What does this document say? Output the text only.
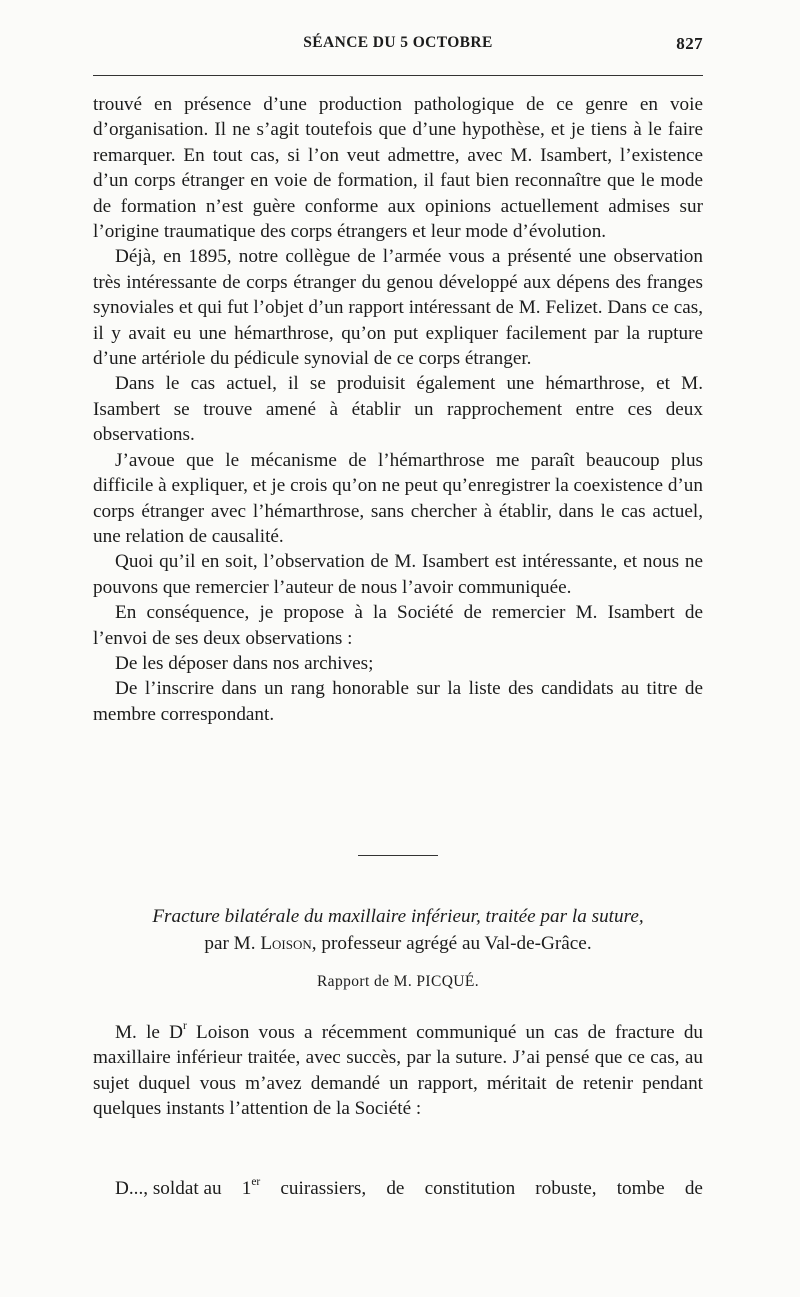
SÉANCE DU 5 OCTOBRE	827

trouvé en présence d’une production pathologique de ce genre en voie d’organisation. Il ne s’agit toutefois que d’une hypothèse, et je tiens à le faire remarquer. En tout cas, si l’on veut admettre, avec M. Isambert, l’existence d’un corps étranger en voie de formation, il faut bien reconnaître que le mode de formation n’est guère conforme aux opinions actuellement admises sur l’origine traumatique des corps étrangers et leur mode d’évolution.

Déjà, en 1895, notre collègue de l’armée vous a présenté une observation très intéressante de corps étranger du genou développé aux dépens des franges synoviales et qui fut l’objet d’un rapport intéressant de M. Felizet. Dans ce cas, il y avait eu une hémarthrose, qu’on put expliquer facilement par la rupture d’une artériole du pédicule synovial de ce corps étranger.

Dans le cas actuel, il se produisit également une hémarthrose, et M. Isambert se trouve amené à établir un rapprochement entre ces deux observations.

J’avoue que le mécanisme de l’hémarthrose me paraît beaucoup plus difficile à expliquer, et je crois qu’on ne peut qu’enregistrer la coexistence d’un corps étranger avec l’hémarthrose, sans chercher à établir, dans le cas actuel, une relation de causalité.

Quoi qu’il en soit, l’observation de M. Isambert est intéressante, et nous ne pouvons que remercier l’auteur de nous l’avoir communiquée.

En conséquence, je propose à la Société de remercier M. Isambert de l’envoi de ses deux observations :

De les déposer dans nos archives;

De l’inscrire dans un rang honorable sur la liste des candidats au titre de membre correspondant.

Fracture bilatérale du maxillaire inférieur, traitée par la suture,
par M. Loison, professeur agrégé au Val-de-Grâce.
Rapport de M. PICQUÉ.

M. le $D^r$ Loison vous a récemment communiqué un cas de fracture du maxillaire inférieur traitée, avec succès, par la suture. J’ai pensé que ce cas, au sujet duquel vous m’avez demandé un rapport, méritait de retenir pendant quelques instants l’attention de la Société :

D..., soldat au 1er cuirassiers, de constitution robuste, tombe de
